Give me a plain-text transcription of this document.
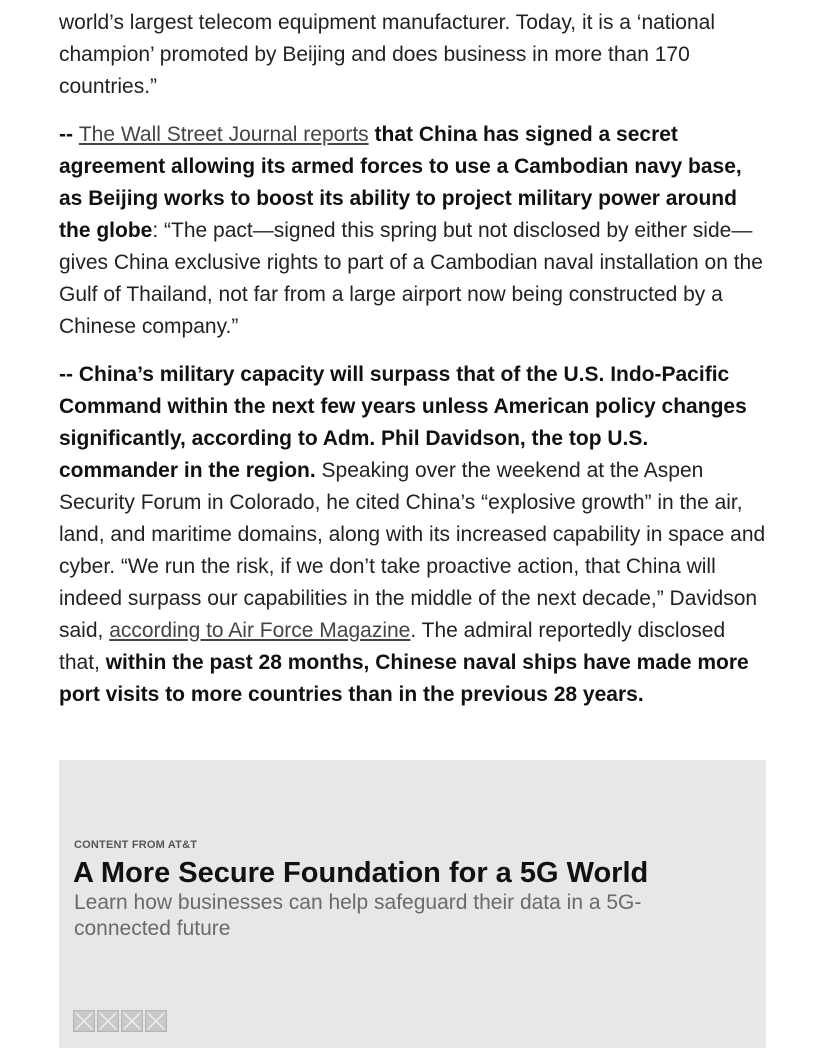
world’s largest telecom equipment manufacturer. Today, it is a ‘national champion’ promoted by Beijing and does business in more than 170 countries.”

-- The Wall Street Journal reports that China has signed a secret agreement allowing its armed forces to use a Cambodian navy base, as Beijing works to boost its ability to project military power around the globe: “The pact—signed this spring but not disclosed by either side—gives China exclusive rights to part of a Cambodian naval installation on the Gulf of Thailand, not far from a large airport now being constructed by a Chinese company.”

-- China’s military capacity will surpass that of the U.S. Indo-Pacific Command within the next few years unless American policy changes significantly, according to Adm. Phil Davidson, the top U.S. commander in the region. Speaking over the weekend at the Aspen Security Forum in Colorado, he cited China’s “explosive growth” in the air, land, and maritime domains, along with its increased capability in space and cyber. “We run the risk, if we don’t take proactive action, that China will indeed surpass our capabilities in the middle of the next decade,” Davidson said, according to Air Force Magazine. The admiral reportedly disclosed that, within the past 28 months, Chinese naval ships have made more port visits to more countries than in the previous 28 years.

CONTENT FROM AT&T
A More Secure Foundation for a 5G World
Learn how businesses can help safeguard their data in a 5G-connected future
